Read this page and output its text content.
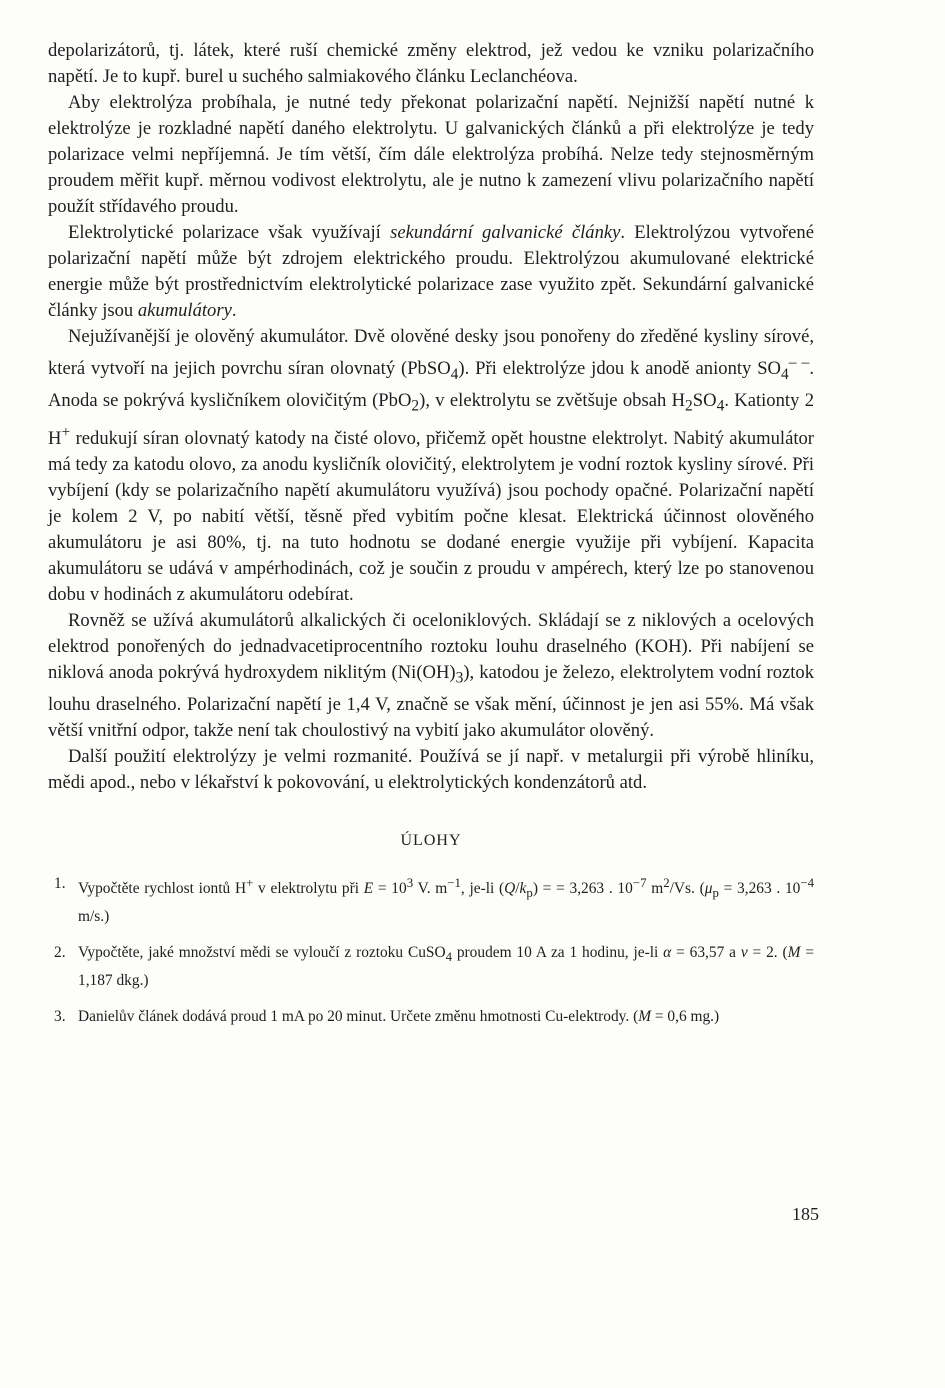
depolarizátorů, tj. látek, které ruší chemické změny elektrod, jež vedou ke vzniku polarizačního napětí. Je to kupř. burel u suchého salmiakového článku Leclanchéova.

Aby elektrolýza probíhala, je nutné tedy překonat polarizační napětí. Nejnižší napětí nutné k elektrolýze je rozkladné napětí daného elektrolytu. U galvanických článků a při elektrolýze je tedy polarizace velmi nepříjemná. Je tím větší, čím dále elektrolýza probíhá. Nelze tedy stejnosměrným proudem měřit kupř. měrnou vodivost elektrolytu, ale je nutno k zamezení vlivu polarizačního napětí použít střídavého proudu.

Elektrolytické polarizace však využívají sekundární galvanické články. Elektrolýzou vytvořené polarizační napětí může být zdrojem elektrického proudu. Elektrolýzou akumulované elektrické energie může být prostřednictvím elektrolytické polarizace zase využito zpět. Sekundární galvanické články jsou akumulátory.

Nejužívanější je olověný akumulátor. Dvě olověné desky jsou ponořeny do zředěné kysliny sírové, která vytvoří na jejich povrchu síran olovnatý (PbSO$_4$). Při elektrolýze jdou k anodě anionty $SO_4^{- -}$. Anoda se pokrývá kysličníkem olovičitým (PbO$_2$), v elektrolytu se zvětšuje obsah $H_2SO_4$. Kationty 2 H+ redukují síran olovnatý katody na čisté olovo, přičemž opět houstne elektrolyt. Nabitý akumulátor má tedy za katodu olovo, za anodu kysličník olovičitý, elektrolytem je vodní roztok kysliny sírové. Při vybíjení (kdy se polarizačního napětí akumulátoru využívá) jsou pochody opačné. Polarizační napětí je kolem 2 V, po nabití větší, těsně před vybitím počne klesat. Elektrická účinnost olověného akumulátoru je asi 80%, tj. na tuto hodnotu se dodané energie využije při vybíjení. Kapacita akumulátoru se udává v ampérhodinách, což je součin z proudu v ampérech, který lze po stanovenou dobu v hodinách z akumulátoru odebírat.

Rovněž se užívá akumulátorů alkalických či oceloniklových. Skládají se z niklových a ocelových elektrod ponořených do jednadvacetiprocentního roztoku louhu draselného (KOH). Při nabíjení se niklová anoda pokrývá hydroxydem niklitým $(Ni(OH)_3)$, katodou je železo, elektrolytem vodní roztok louhu draselného. Polarizační napětí je 1,4 V, značně se však mění, účinnost je jen asi 55%. Má však větší vnitřní odpor, takže není tak choulostivý na vybití jako akumulátor olověný.

Další použití elektrolýzy je velmi rozmanité. Používá se jí např. v metalurgii při výrobě hliníku, mědi apod., nebo v lékařství k pokovování, u elektrolytických kondenzátorů atd.

ÚLOHY
1. Vypočtěte rychlost iontů H+ v elektrolytu při $E = 10^3$ V. $m^{-1}$, je-li $(Q/k_p)$ = = 3,263 . $10^{-7}$ $m^2/Vs$. ($\mu_p = 3,263$ . $10^{-4}$ m/s.)
2. Vypočtěte, jaké množství mědi se vyloučí z roztoku CuSO$_4$ proudem 10 A za 1 hodinu, je-li α = 63,57 a v = 2. (M = 1,187 dkg.)
3. Danielův článek dodává proud 1 mA po 20 minut. Určete změnu hmotnosti Cu-elektrody. (M = 0,6 mg.)
185
